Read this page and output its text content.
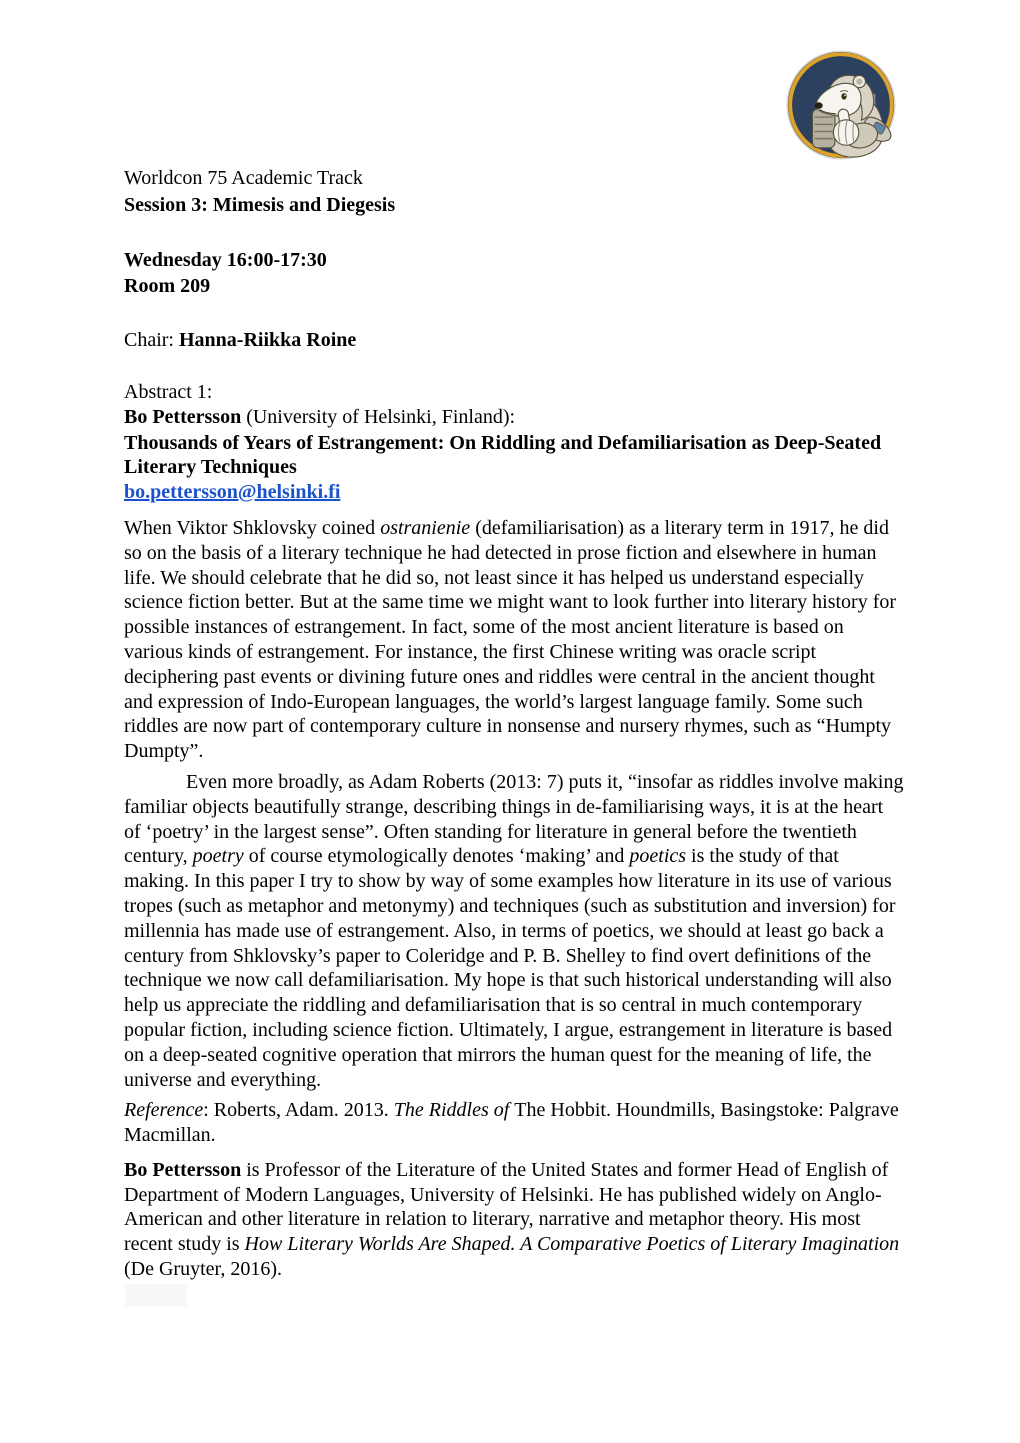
Worldcon 75 Academic Track

Session 3: Mimesis and Diegesis

Wednesday 16:00-17:30

Room 209

Chair: Hanna-Riikka Roine

Abstract 1:

Bo Pettersson (University of Helsinki, Finland):

Thousands of Years of Estrangement: On Riddling and Defamiliarisation as Deep-Seated Literary Techniques

bo.pettersson@helsinki.fi

When Viktor Shklovsky coined ostranienie (defamiliarisation) as a literary term in 1917, he did so on the basis of a literary technique he had detected in prose fiction and elsewhere in human life. We should celebrate that he did so, not least since it has helped us understand especially science fiction better. But at the same time we might want to look further into literary history for possible instances of estrangement. In fact, some of the most ancient literature is based on various kinds of estrangement. For instance, the first Chinese writing was oracle script deciphering past events or divining future ones and riddles were central in the ancient thought and expression of Indo-European languages, the world’s largest language family. Some such riddles are now part of contemporary culture in nonsense and nursery rhymes, such as “Humpty Dumpty”.

Even more broadly, as Adam Roberts (2013: 7) puts it, “insofar as riddles involve making familiar objects beautifully strange, describing things in de-familiarising ways, it is at the heart of ‘poetry’ in the largest sense”. Often standing for literature in general before the twentieth century, poetry of course etymologically denotes ‘making’ and poetics is the study of that making. In this paper I try to show by way of some examples how literature in its use of various tropes (such as metaphor and metonymy) and techniques (such as substitution and inversion) for millennia has made use of estrangement. Also, in terms of poetics, we should at least go back a century from Shklovsky’s paper to Coleridge and P. B. Shelley to find overt definitions of the technique we now call defamiliarisation. My hope is that such historical understanding will also help us appreciate the riddling and defamiliarisation that is so central in much contemporary popular fiction, including science fiction. Ultimately, I argue, estrangement in literature is based on a deep-seated cognitive operation that mirrors the human quest for the meaning of life, the universe and everything.

Reference: Roberts, Adam. 2013. The Riddles of The Hobbit. Houndmills, Basingstoke: Palgrave Macmillan.

Bo Pettersson is Professor of the Literature of the United States and former Head of English of Department of Modern Languages, University of Helsinki. He has published widely on Anglo-American and other literature in relation to literary, narrative and metaphor theory. His most recent study is How Literary Worlds Are Shaped. A Comparative Poetics of Literary Imagination (De Gruyter, 2016).
